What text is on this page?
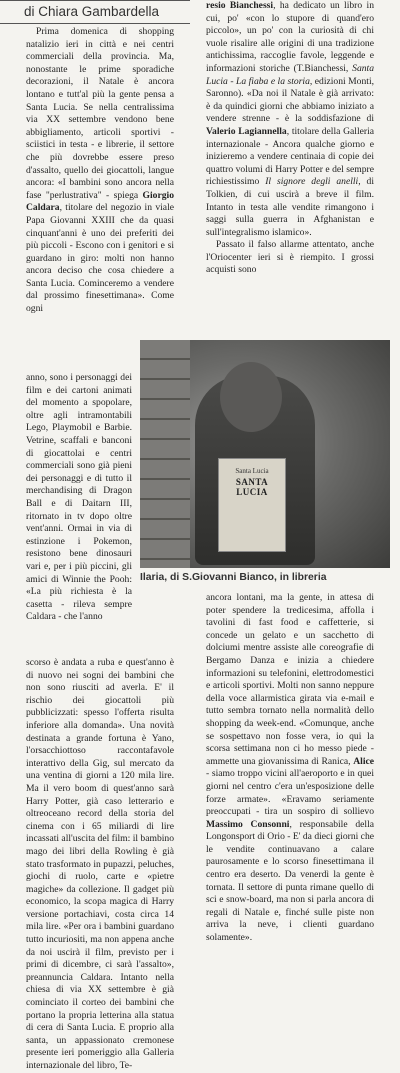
di Chiara Gambardella

Prima domenica di shopping natalizio ieri in città e nei centri commerciali della provincia. Ma, nonostante le prime sporadiche decorazioni, il Natale è ancora lontano e tutt'al più la gente pensa a Santa Lucia. Se nella centralissima via XX settembre vendono bene abbigliamento, articoli sportivi - sciistici in testa - e librerie, il settore che più dovrebbe essere preso d'assalto, quello dei giocattoli, langue ancora: «I bambini sono ancora nella fase "perlustrativa" - spiega Giorgio Caldara, titolare del negozio in viale Papa Giovanni XXIII che da quasi cinquant'anni è uno dei preferiti dei più piccoli - Escono con i genitori e si guardano in giro: molti non hanno ancora deciso che cosa chiedere a Santa Lucia. Cominceremo a vendere dal prossimo finesettimana». Come ogni

anno, sono i personaggi dei film e dei cartoni animati del momento a spopolare, oltre agli intramontabili Lego, Playmobil e Barbie. Vetrine, scaffali e banconi di giocattolai e centri commerciali sono già pieni dei personaggi e di tutto il merchandising di Dragon Ball e di Daitarn III, ritornato in tv dopo oltre vent'anni. Ormai in via di estinzione i Pokemon, resistono bene dinosauri vari e, per i più piccini, gli amici di Winnie the Pooh: «La più richiesta è la casetta - rileva sempre Caldara - che l'anno

scorso è andata a ruba e quest'anno è di nuovo nei sogni dei bambini che non sono riusciti ad averla. E' il rischio dei giocattoli più pubblicizzati: spesso l'offerta risulta inferiore alla domanda». Una novità destinata a grande fortuna è Yano, l'orsacchiottoso raccontafavole interattivo della Gig, sul mercato da una ventina di giorni a 120 mila lire. Ma il vero boom di quest'anno sarà Harry Potter, già caso letterario e oltreoceano record della storia del cinema con i 65 miliardi di lire incassati all'uscita del film: il bambino mago dei libri della Rowling è già stato trasformato in pupazzi, peluches, giochi di ruolo, carte e «pietre magiche» da collezione. Il gadget più economico, la scopa magica di Harry versione portachiavi, costa circa 14 mila lire. «Per ora i bambini guardano tutto incuriositi, ma non appena anche da noi uscirà il film, previsto per i primi di dicembre, ci sarà l'assalto», preannuncia Caldara. Intanto nella chiesa di via XX settembre è già cominciato il corteo dei bambini che portano la propria letterina alla statua di cera di Santa Lucia. E proprio alla santa, un appassionato cremonese presente ieri pomeriggio alla Galleria internazionale del libro, Te-

resio Bianchessi, ha dedicato un libro in cui, po' «con lo stupore di quand'ero piccolo», un po' con la curiosità di chi vuole risalire alle origini di una tradizione antichissima, raccoglie favole, leggende e informazioni storiche (T.Bianchessi, Santa Lucia - La fiaba e la storia, edizioni Monti, Saronno). «Da noi il Natale è già arrivato: è da quindici giorni che abbiamo iniziato a vendere strenne - è la soddisfazione di Valerio Lagiannella, titolare della Galleria internazionale - Ancora qualche giorno e inizieremo a vendere centinaia di copie dei quattro volumi di Harry Potter e del sempre richiestissimo Il signore degli anelli, di Tolkien, di cui uscirà a breve il film. Intanto in testa alle vendite rimangono i saggi sulla guerra in Afghanistan e sull'integralismo islamico».

Passato il falso allarme attentato, anche l'Oriocenter ieri si è riempito. I grossi acquisti sono

Santa Lucia
SANTA LUCIA
Ilaria, di S.Giovanni Bianco, in libreria

ancora lontani, ma la gente, in attesa di poter spendere la tredicesima, affolla i tavolini di fast food e caffetterie, si concede un gelato e un sacchetto di dolciumi mentre assiste alle coreografie di Bergamo Danza e inizia a chiedere informazioni su telefonini, elettrodomestici e articoli sportivi. Molti non sanno neppure della voce allarmistica girata via e-mail e tutto sembra tornato nella normalità dello shopping da week-end. «Comunque, anche se sospettavo non fosse vera, io qui la scorsa settimana non ci ho messo piede - ammette una giovanissima di Ranica, Alice - siamo troppo vicini all'aeroporto e in quei giorni nel centro c'era un'esposizione delle forze armate». «Eravamo seriamente preoccupati - tira un sospiro di sollievo Massimo Consonni, responsabile della Longonsport di Orio - E' da dieci giorni che le vendite continuavano a calare paurosamente e lo scorso finesettimana il centro era deserto. Da venerdì la gente è tornata. Il settore di punta rimane quello di sci e snow-board, ma non si parla ancora di regali di Natale e, finché sulle piste non arriva la neve, i clienti guardano solamente».
